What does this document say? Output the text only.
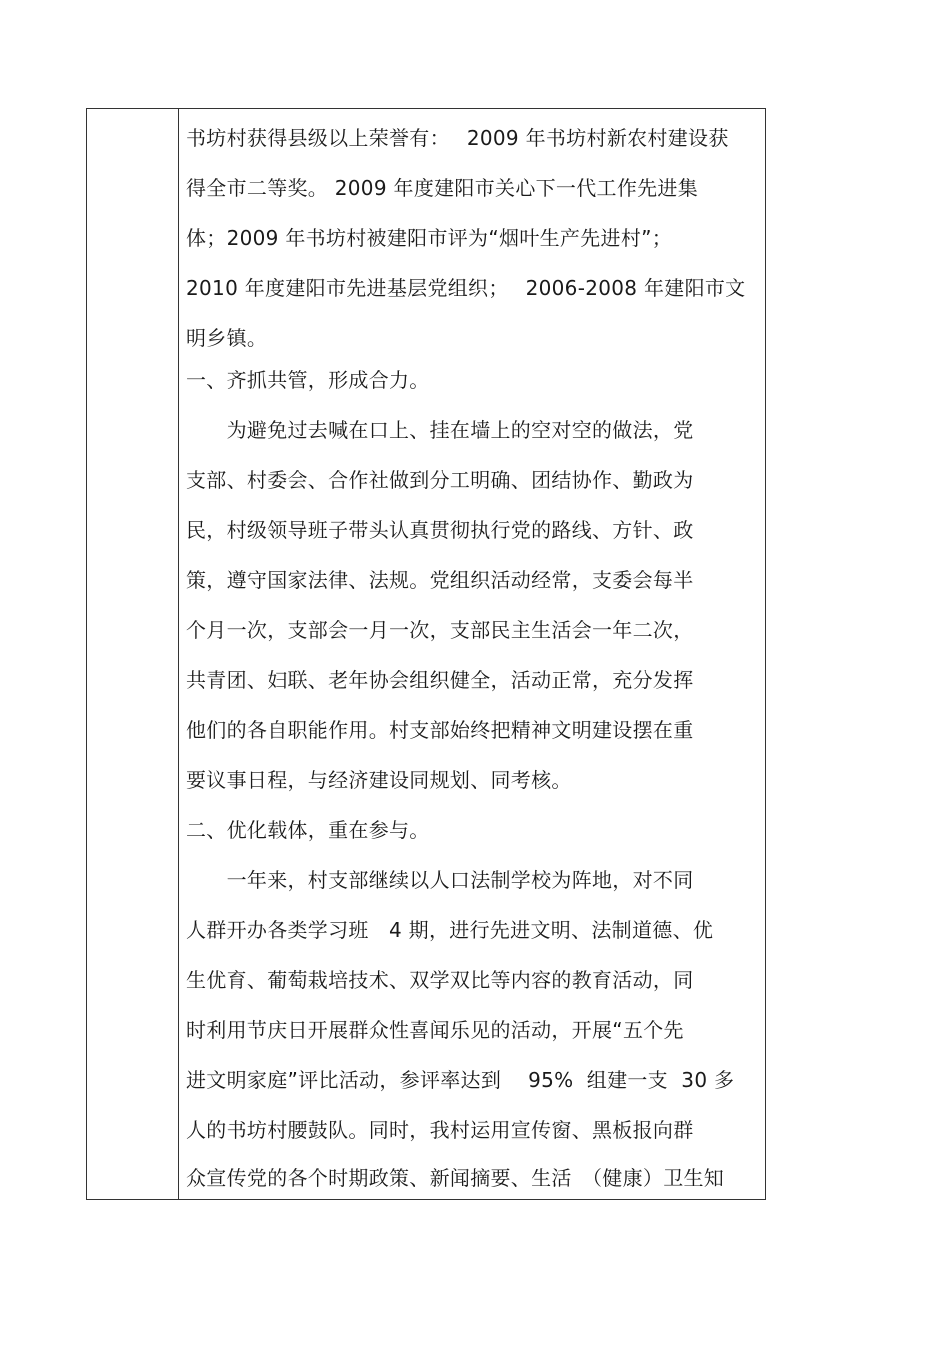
书坊村获得县级以上荣誉有：　 2009 年书坊村新农村建设获
得全市二等奖。 2009 年度建阳市关心下一代工作先进集
体；2009 年书坊村被建阳市评为“烟叶生产先进村”；
2010 年度建阳市先进基层党组织；　 2006-2008 年建阳市文
明乡镇。
一、齐抓共管，形成合力。
　　为避免过去喊在口上、挂在墙上的空对空的做法，党
支部、村委会、合作社做到分工明确、团结协作、勤政为
民，村级领导班子带头认真贯彻执行党的路线、方针、政
策，遵守国家法律、法规。党组织活动经常，支委会每半
个月一次，支部会一月一次，支部民主生活会一年二次，
共青团、妇联、老年协会组织健全，活动正常，充分发挥
他们的各自职能作用。村支部始终把精神文明建设摆在重
要议事日程，与经济建设同规划、同考核。
二、优化载体，重在参与。
　　一年来，村支部继续以人口法制学校为阵地，对不同
人群开办各类学习班　4 期，进行先进文明、法制道德、优
生优育、葡萄栽培技术、双学双比等内容的教育活动，同
时利用节庆日开展群众性喜闻乐见的活动，开展“五个先
进文明家庭”评比活动，参评率达到　 95%  组建一支  30 多
人的书坊村腰鼓队。同时，我村运用宣传窗、黑板报向群
众宣传党的各个时期政策、新闻摘要、生活　（健康）卫生知
